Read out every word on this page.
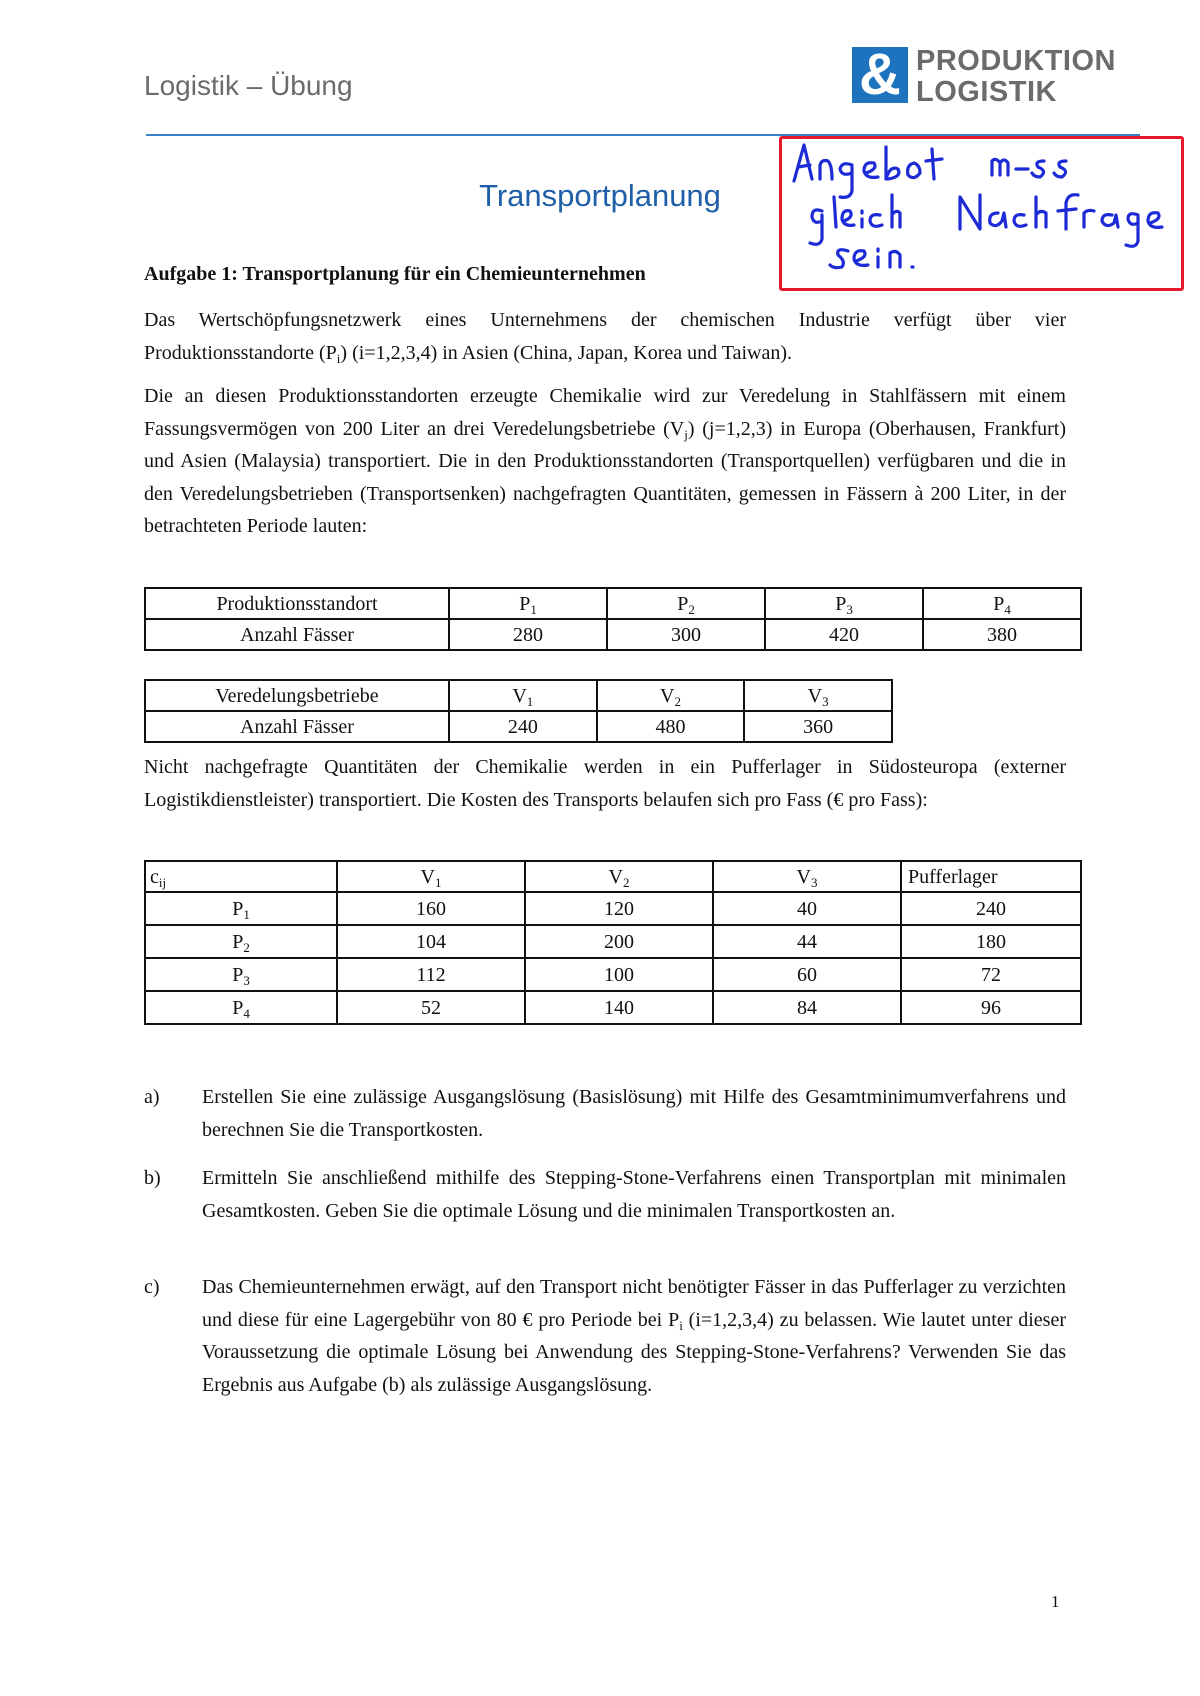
Logistik – Übung	& PRODUKTION
LOGISTIK
Transportplanung
Aufgabe 1: Transportplanung für ein Chemieunternehmen
Das Wertschöpfungsnetzwerk eines Unternehmens der chemischen Industrie verfügt über vier Produktionsstandorte $(P_i)$ (i=1,2,3,4) in Asien (China, Japan, Korea und Taiwan).
Die an diesen Produktionsstandorten erzeugte Chemikalie wird zur Veredelung in Stahlfässern mit einem Fassungsvermögen von 200 Liter an drei Veredelungsbetriebe $(V_j)$ (j=1,2,3) in Europa (Oberhausen, Frankfurt) und Asien (Malaysia) transportiert. Die in den Produktionsstandorten (Transportquellen) verfügbaren und die in den Veredelungsbetrieben (Transportsenken) nachgefragten Quantitäten, gemessen in Fässern à 200 Liter, in der betrachteten Periode lauten:
Produktionsstandort	$P_1$	$P_2$	$P_3$	$P_4$
Anzahl Fässer	280	300	420	380
Veredelungsbetriebe	$V_1$	$V_2$	$V_3$
Anzahl Fässer	240	480	360
Nicht nachgefragte Quantitäten der Chemikalie werden in ein Pufferlager in Südosteuropa (externer Logistikdienstleister) transportiert. Die Kosten des Transports belaufen sich pro Fass (€ pro Fass):
$c_{ij}$	$V_1$	$V_2$	$V_3$	Pufferlager
$P_1$	160	120	40	240
$P_2$	104	200	44	180
$P_3$	112	100	60	72
$P_4$	52	140	84	96
a) Erstellen Sie eine zulässige Ausgangslösung (Basislösung) mit Hilfe des Gesamtminimumverfahrens und berechnen Sie die Transportkosten.
b) Ermitteln Sie anschließend mithilfe des Stepping-Stone-Verfahrens einen Transportplan mit minimalen Gesamtkosten. Geben Sie die optimale Lösung und die minimalen Transportkosten an.
c) Das Chemieunternehmen erwägt, auf den Transport nicht benötigter Fässer in das Pufferlager zu verzichten und diese für eine Lagergebühr von 80 € pro Periode bei $P_i$ (i=1,2,3,4) zu belassen. Wie lautet unter dieser Voraussetzung die optimale Lösung bei Anwendung des Stepping-Stone-Verfahrens? Verwenden Sie das Ergebnis aus Aufgabe (b) als zulässige Ausgangslösung.
1
